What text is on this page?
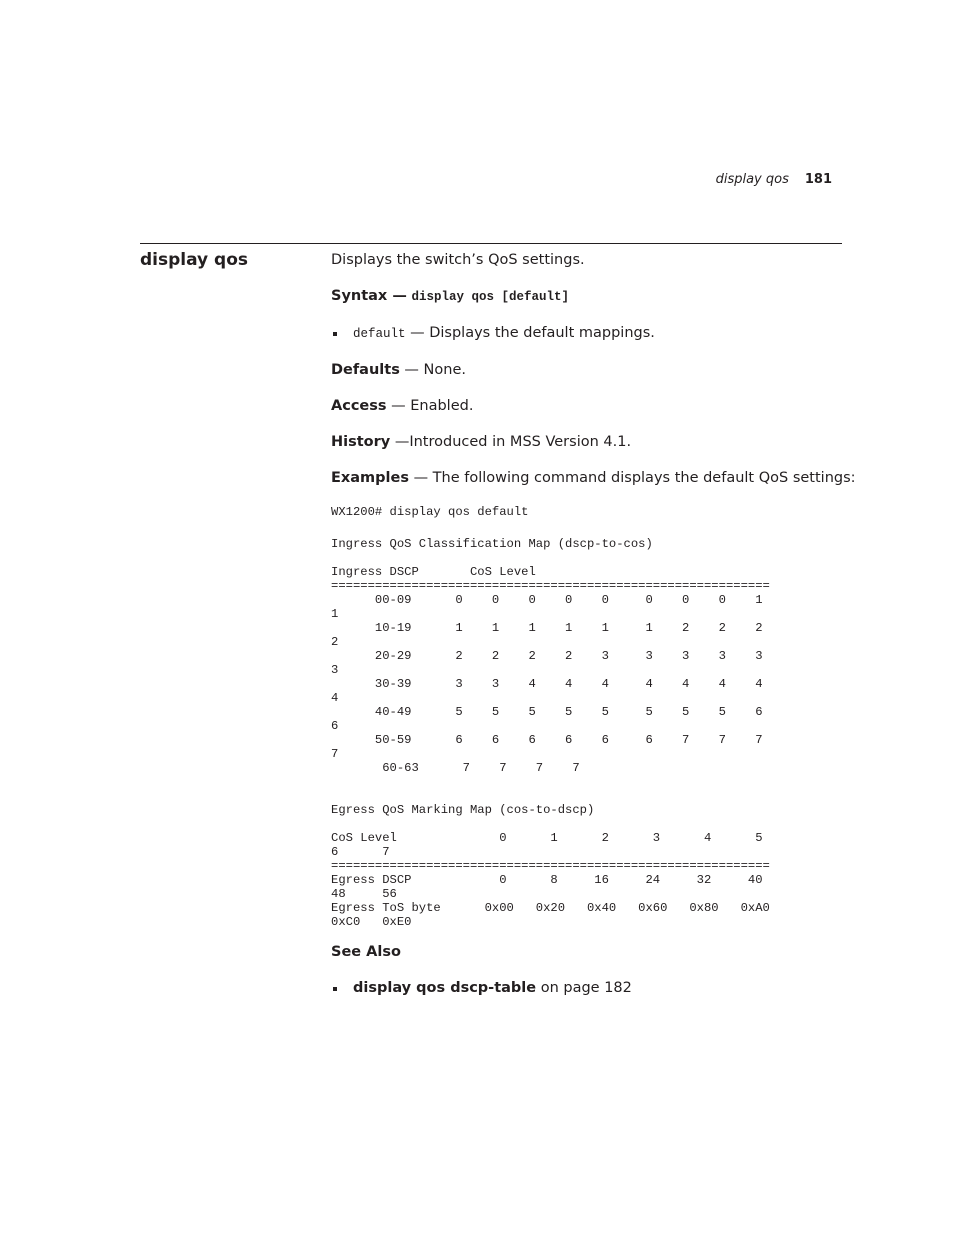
display qos 181
display qos	Displays the switch’s QoS settings.

Syntax — display qos [default]

default — Displays the default mappings.

Defaults — None.

Access — Enabled.

History —Introduced in MSS Version 4.1.

Examples — The following command displays the default QoS settings:

WX1200# display qos default
Ingress QoS Classification Map (dscp-to-cos)
Ingress DSCP       CoS Level
============================================================
00-09      0    0    0    0    0     0    0    0    1
1
10-19      1    1    1    1    1     1    2    2    2
2
20-29      2    2    2    2    3     3    3    3    3
3
30-39      3    3    4    4    4     4    4    4    4
4
40-49      5    5    5    5    5     5    5    5    6
6
50-59      6    6    6    6    6     6    7    7    7
7
60-63      7    7    7    7
Egress QoS Marking Map (cos-to-dscp)
CoS Level              0      1      2      3      4      5
6      7
============================================================
Egress DSCP            0      8     16     24     32     40
48     56
Egress ToS byte      0x00   0x20   0x40   0x60   0x80   0xA0
0xC0   0xE0

See Also

display qos dscp-table on page 182
